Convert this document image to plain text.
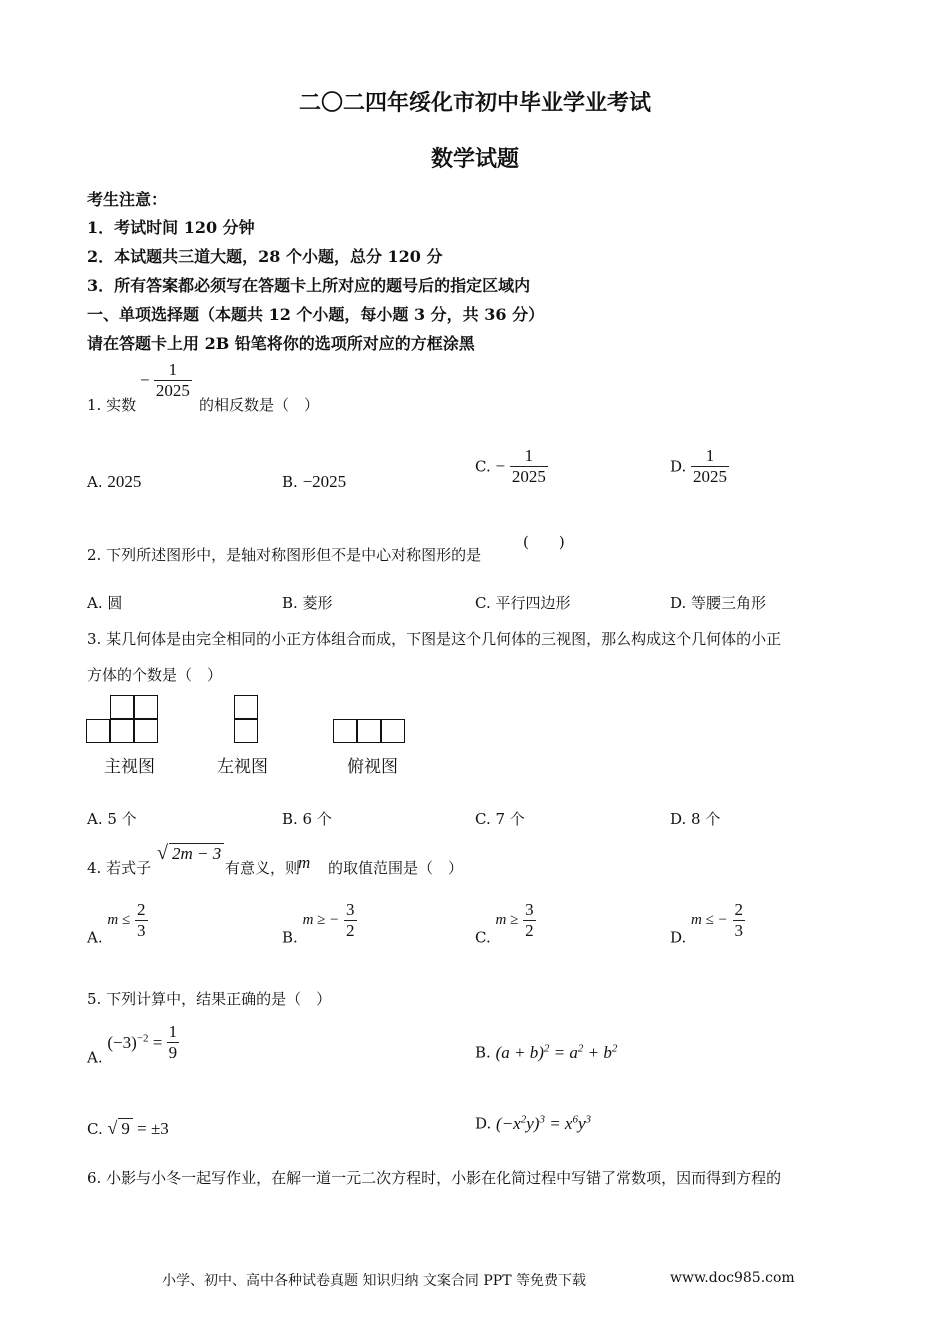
二〇二四年绥化市初中毕业学业考试
数学试题
考生注意：
1．考试时间 120 分钟
2．本试题共三道大题，28 个小题，总分 120 分
3．所有答案都必须写在答题卡上所对应的题号后的指定区域内
一、单项选择题（本题共 12 个小题，每小题 3 分，共 36 分）
请在答题卡上用 2B 铅笔将你的选项所对应的方框涂黑
1. 实数
− $\frac{1}{2025}$
的相反数是（　）
A. 2025	B. −2025
C. − $\frac{1}{2025}$	D. $\frac{1}{2025}$
2. 下列所述图形中，是轴对称图形但不是中心对称图形的是
(　　)
A. 圆	B. 菱形	C. 平行四边形	D. 等腰三角形
3. 某几何体是由完全相同的小正方体组合而成，下图是这个几何体的三视图，那么构成这个几何体的小正
方体的个数是（　）
主视图	左视图	俯视图
A. 5 个	B. 6 个	C. 7 个	D. 8 个
4. 若式子
√ 2m − 3
有意义，则
m 的取值范围是（　）
A. $m \le \frac{2}{3}$	B. m ≥ − $\frac{3}{2}$	C. $m \ge \frac{3}{2}$	D. m ≤ − $\frac{2}{3}$
5. 下列计算中，结果正确的是（　）
A. $(-3)^{-2} = \frac{1}{9}$	B. $(a + b)^2 = a^2 + b^2$
C. √ 9 = ±3	D. $(-x^2y)^3 = x^6y^3$
6. 小影与小冬一起写作业，在解一道一元二次方程时，小影在化简过程中写错了常数项，因而得到方程的
小学、初中、高中各种试卷真题 知识归纳 文案合同 PPT 等免费下载	www.doc985.com
